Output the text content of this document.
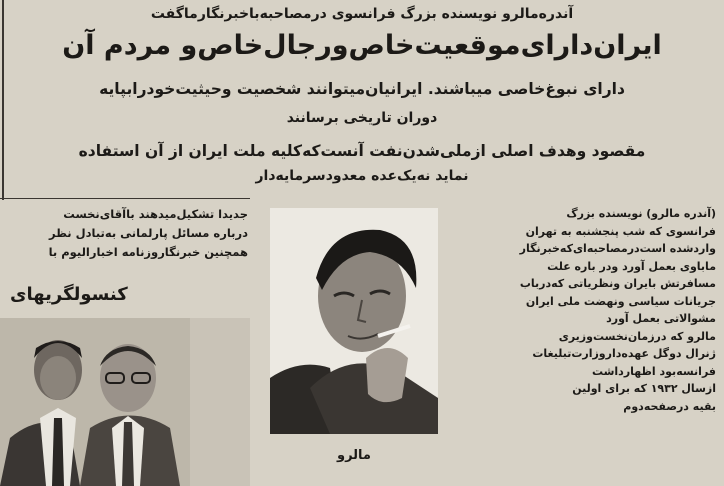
آندره‌مالرو نویسنده بزرگ فرانسوی درمصاحبه‌باخبرنگارماگفت
ایران‌دارای‌موقعیت‌خاص‌ورجال‌خاص‌و مردم آن
دارای نبوغ‌خاصی میباشند. ایرانیان‌میتوانند شخصیت وحیثیت‌خودرابپایه
دوران تاریخی برسانند
مقصود وهدف اصلی ازملی‌شدن‌نفت آنست‌که‌کلیه ملت ایران از آن استفاده
نماید نه‌یک‌عده معدودسرمایه‌دار

جدیدا تشکیل‌میدهند باآقای‌نخست

درباره مسائل پارلمانی به‌تبادل نظر

همچنین خبرنگاروزنامه اخبارالیوم با

کنسولگریهای
مالرو

(آندره مالرو) نویسنده بزرگ

فرانسوی که شب پنجشنبه به تهران

وارد‌شده است‌درمصاحبه‌ای‌که‌خبرنگار

ماباوی بعمل آورد ودر باره علت

مسافرتش بایران ونظریاتی که‌درباب

جریانات سیاسی ونهضت ملی ایران

مشوالاتی بعمل آورد

مالرو که درزمان‌نخست‌وزیری

ژنرال دوگل عهده‌داروزارت‌تبلیغات

فرانسه‌بود اظهارداشت

ازسال ۱۹۳۲ که برای اولین

بقیه درصفحه‌دوم
